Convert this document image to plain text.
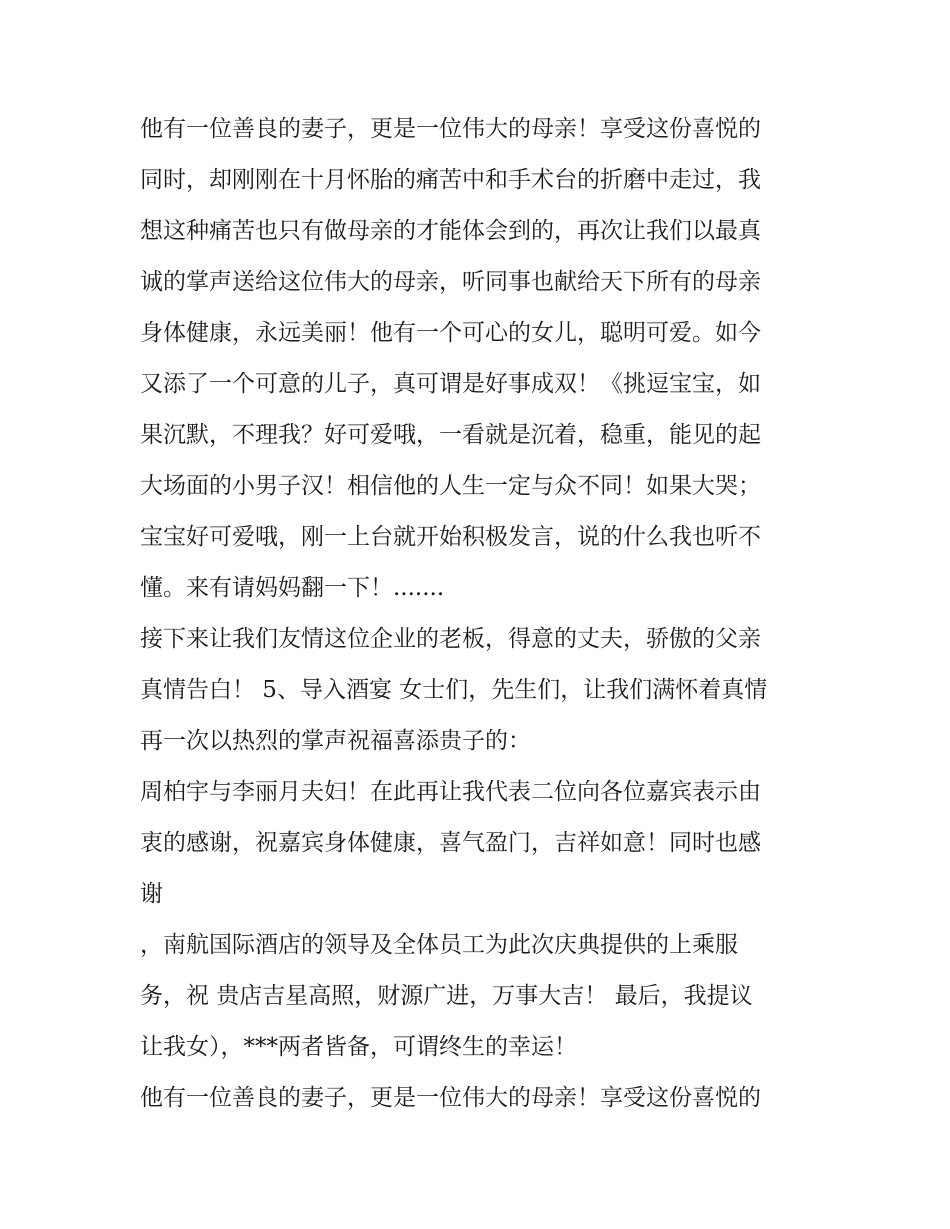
他有一位善良的妻子，更是一位伟大的母亲！享受这份喜悦的
同时，却刚刚在十月怀胎的痛苦中和手术台的折磨中走过，我
想这种痛苦也只有做母亲的才能体会到的，再次让我们以最真
诚的掌声送给这位伟大的母亲，听同事也献给天下所有的母亲
身体健康，永远美丽！他有一个可心的女儿，聪明可爱。如今
又添了一个可意的儿子，真可谓是好事成双！《挑逗宝宝，如
果沉默，不理我？好可爱哦，一看就是沉着，稳重，能见的起
大场面的小男子汉！相信他的人生一定与众不同！如果大哭；
宝宝好可爱哦，刚一上台就开始积极发言，说的什么我也听不
懂。来有请妈妈翻一下！.......
接下来让我们友情这位企业的老板，得意的丈夫，骄傲的父亲
真情告白！ 5、导入酒宴 女士们，先生们，让我们满怀着真情
再一次以热烈的掌声祝福喜添贵子的：
周柏宇与李丽月夫妇！在此再让我代表二位向各位嘉宾表示由
衷的感谢，祝嘉宾身体健康，喜气盈门，吉祥如意！同时也感
谢
，南航国际酒店的领导及全体员工为此次庆典提供的上乘服
务，祝 贵店吉星高照，财源广进，万事大吉！ 最后，我提议
让我女），***两者皆备，可谓终生的幸运！
他有一位善良的妻子，更是一位伟大的母亲！享受这份喜悦的
